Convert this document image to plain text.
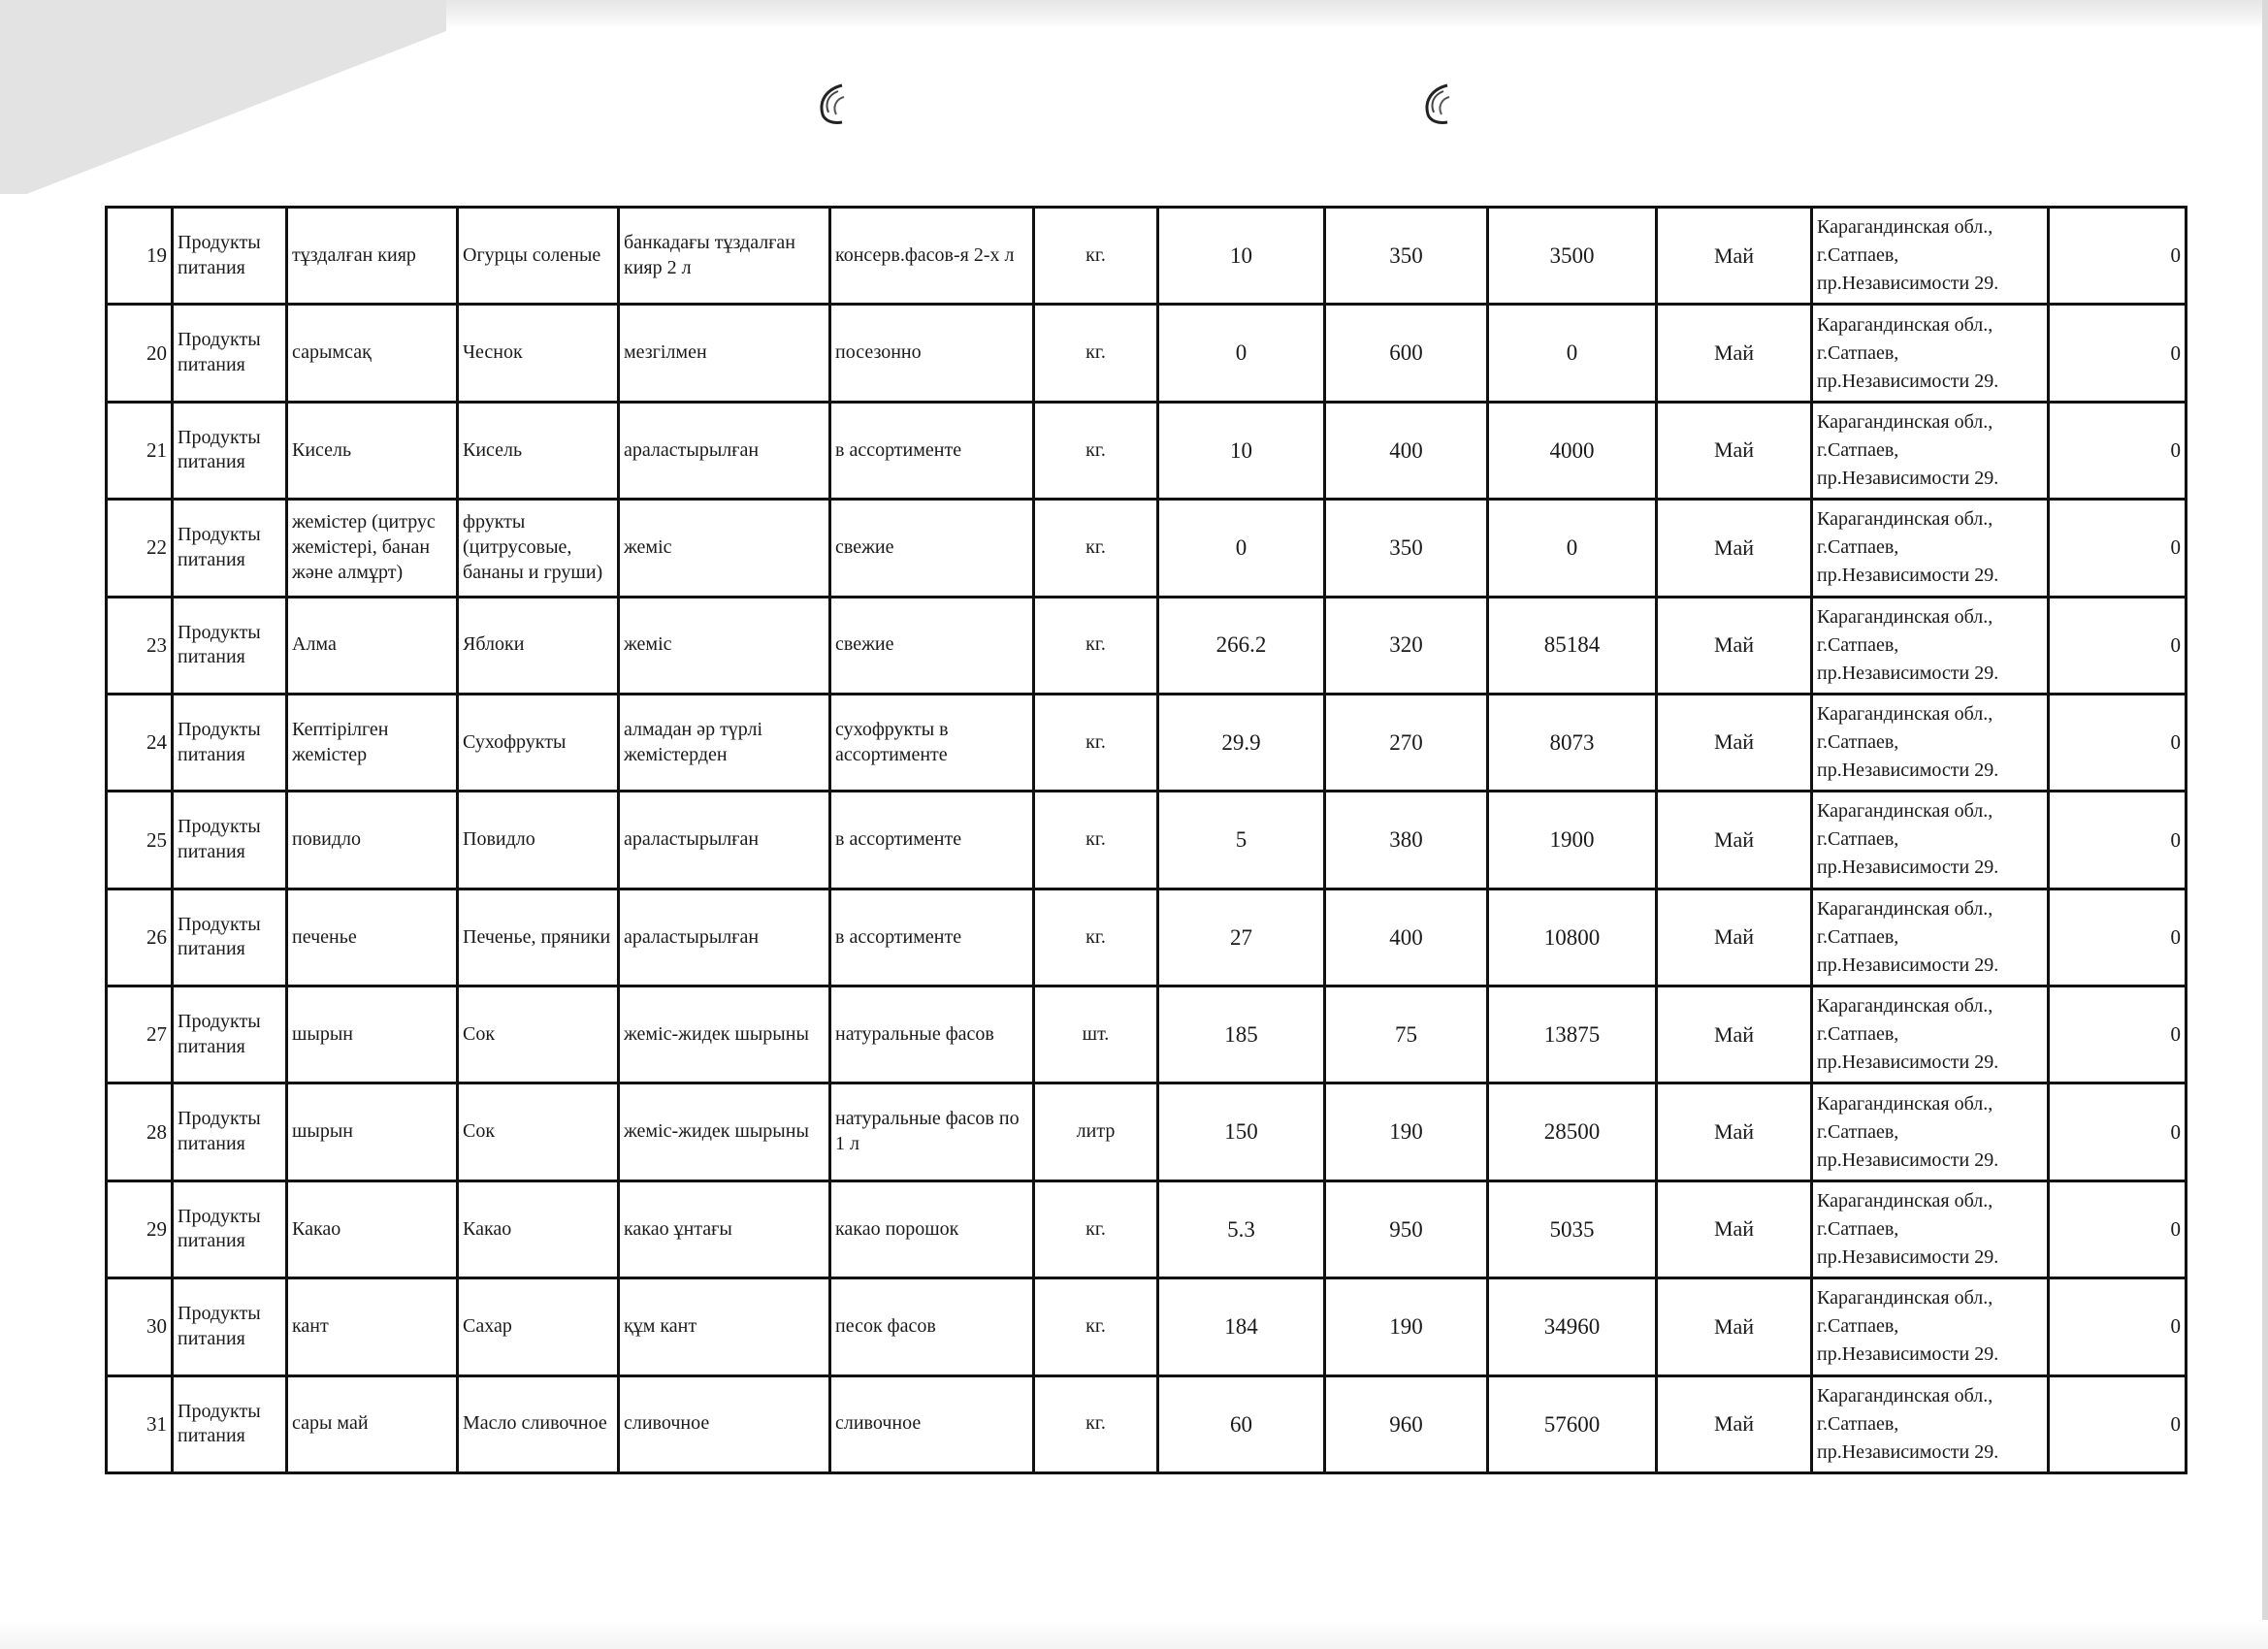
19	Продукты питания	тұздалған кияр	Огурцы соленые	банкадағы тұздалған кияр 2 л	консерв.фасов-я 2-х л	кг.	10	350	3500	Май	Карагандинская обл., г.Сатпаев, пр.Независимости 29.	0
20	Продукты питания	сарымсақ	Чеснок	мезгілмен	посезонно	кг.	0	600	0	Май	Карагандинская обл., г.Сатпаев, пр.Независимости 29.	0
21	Продукты питания	Кисель	Кисель	араластырылған	в ассортименте	кг.	10	400	4000	Май	Карагандинская обл., г.Сатпаев, пр.Независимости 29.	0
22	Продукты питания	жемістер (цитрус жемістері, банан және алмұрт)	фрукты (цитрусовые, бананы и груши)	жеміс	свежие	кг.	0	350	0	Май	Карагандинская обл., г.Сатпаев, пр.Независимости 29.	0
23	Продукты питания	Алма	Яблоки	жеміс	свежие	кг.	266.2	320	85184	Май	Карагандинская обл., г.Сатпаев, пр.Независимости 29.	0
24	Продукты питания	Кептірілген жемістер	Сухофрукты	алмадан әр түрлі жемістерден	сухофрукты в ассортименте	кг.	29.9	270	8073	Май	Карагандинская обл., г.Сатпаев, пр.Независимости 29.	0
25	Продукты питания	повидло	Повидло	араластырылған	в ассортименте	кг.	5	380	1900	Май	Карагандинская обл., г.Сатпаев, пр.Независимости 29.	0
26	Продукты питания	печенье	Печенье, пряники	араластырылған	в ассортименте	кг.	27	400	10800	Май	Карагандинская обл., г.Сатпаев, пр.Независимости 29.	0
27	Продукты питания	шырын	Сок	жеміс-жидек шырыны	натуральные фасов	шт.	185	75	13875	Май	Карагандинская обл., г.Сатпаев, пр.Независимости 29.	0
28	Продукты питания	шырын	Сок	жеміс-жидек шырыны	натуральные фасов по 1 л	литр	150	190	28500	Май	Карагандинская обл., г.Сатпаев, пр.Независимости 29.	0
29	Продукты питания	Какао	Какао	какао ұнтағы	какао порошок	кг.	5.3	950	5035	Май	Карагандинская обл., г.Сатпаев, пр.Независимости 29.	0
30	Продукты питания	кант	Сахар	құм кант	песок фасов	кг.	184	190	34960	Май	Карагандинская обл., г.Сатпаев, пр.Независимости 29.	0
31	Продукты питания	сары май	Масло сливочное	сливочное	сливочное	кг.	60	960	57600	Май	Карагандинская обл., г.Сатпаев, пр.Независимости 29.	0
